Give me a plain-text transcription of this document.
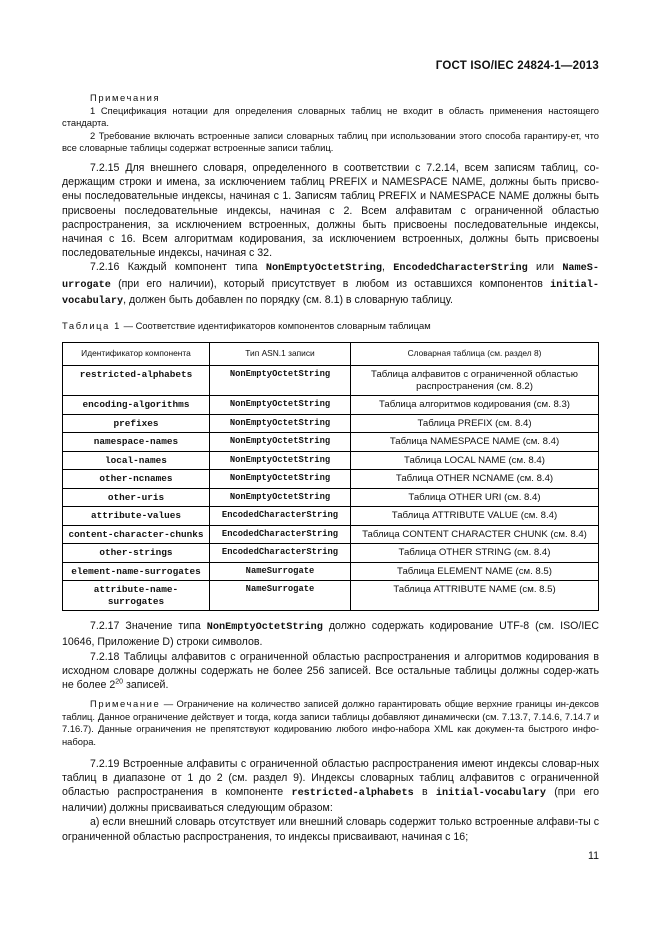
ГОСТ ISO/IEC 24824-1—2013

Примечания

1 Спецификация нотации для определения словарных таблиц не входит в область применения настоящего стандарта.

2 Требование включать встроенные записи словарных таблиц при использовании этого способа гарантиру-ет, что все словарные таблицы содержат встроенные записи таблиц.

7.2.15 Для внешнего словаря, определенного в соответствии с 7.2.14, всем записям таблиц, со-держащим строки и имена, за исключением таблиц PREFIX и NAMESPACE NAME, должны быть присво-ены последовательные индексы, начиная с 1. Записям таблиц PREFIX и NAMESPACE NAME должны быть присвоены последовательные индексы, начиная с 2. Всем алфавитам с ограниченной областью распространения, за исключением встроенных, должны быть присвоены последовательные индексы, начиная с 16. Всем алгоритмам кодирования, за исключением встроенных, должны быть присвоены последовательные индексы, начиная с 32.

7.2.16 Каждый компонент типа NonEmptyOctetString, EncodedCharacterString или NameS-urrogate (при его наличии), который присутствует в любом из оставшихся компонентов initial-vocabulary, должен быть добавлен по порядку (см. 8.1) в словарную таблицу.

Таблица 1 — Соответствие идентификаторов компонентов словарным таблицам
Идентификатор компонента	Тип ASN.1 записи	Словарная таблица (см. раздел 8)
restricted-alphabets	NonEmptyOctetString	Таблица алфавитов с ограниченной областью распространения (см. 8.2)
encoding-algorithms	NonEmptyOctetString	Таблица алгоритмов кодирования (см. 8.3)
prefixes	NonEmptyOctetString	Таблица PREFIX (см. 8.4)
namespace-names	NonEmptyOctetString	Таблица NAMESPACE NAME (см. 8.4)
local-names	NonEmptyOctetString	Таблица LOCAL NAME (см. 8.4)
other-ncnames	NonEmptyOctetString	Таблица OTHER NCNAME (см. 8.4)
other-uris	NonEmptyOctetString	Таблица OTHER URI (см. 8.4)
attribute-values	EncodedCharacterString	Таблица ATTRIBUTE VALUE (см. 8.4)
content-character-chunks	EncodedCharacterString	Таблица CONTENT CHARACTER CHUNK (см. 8.4)
other-strings	EncodedCharacterString	Таблица OTHER STRING (см. 8.4)
element-name-surrogates	NameSurrogate	Таблица ELEMENT NAME (см. 8.5)
attribute-name-surrogates	NameSurrogate	Таблица ATTRIBUTE NAME (см. 8.5)

7.2.17 Значение типа NonEmptyOctetString должно содержать кодирование UTF-8 (см. ISO/IEC 10646, Приложение D) строки символов.

7.2.18 Таблицы алфавитов с ограниченной областью распространения и алгоритмов кодирования в исходном словаре должны содержать не более 256 записей. Все остальные таблицы должны содер-жать не более $2^{20}$ записей.

Примечание — Ограничение на количество записей должно гарантировать общие верхние границы ин-дексов таблиц. Данное ограничение действует и тогда, когда записи таблицы добавляют динамически (см. 7.13.7, 7.14.6, 7.14.7 и 7.16.7). Данные ограничения не препятствуют кодированию любого инфо-набора XML как докумен-та быстрого инфо-набора.

7.2.19 Встроенные алфавиты с ограниченной областью распространения имеют индексы словар-ных таблиц в диапазоне от 1 до 2 (см. раздел 9). Индексы словарных таблиц алфавитов с ограниченной областью распространения в компоненте restricted-alphabets в initial-vocabulary (при его наличии) должны присваиваться следующим образом:

а) если внешний словарь отсутствует или внешний словарь содержит только встроенные алфави-ты с ограниченной областью распространения, то индексы присваивают, начиная с 16;

11
